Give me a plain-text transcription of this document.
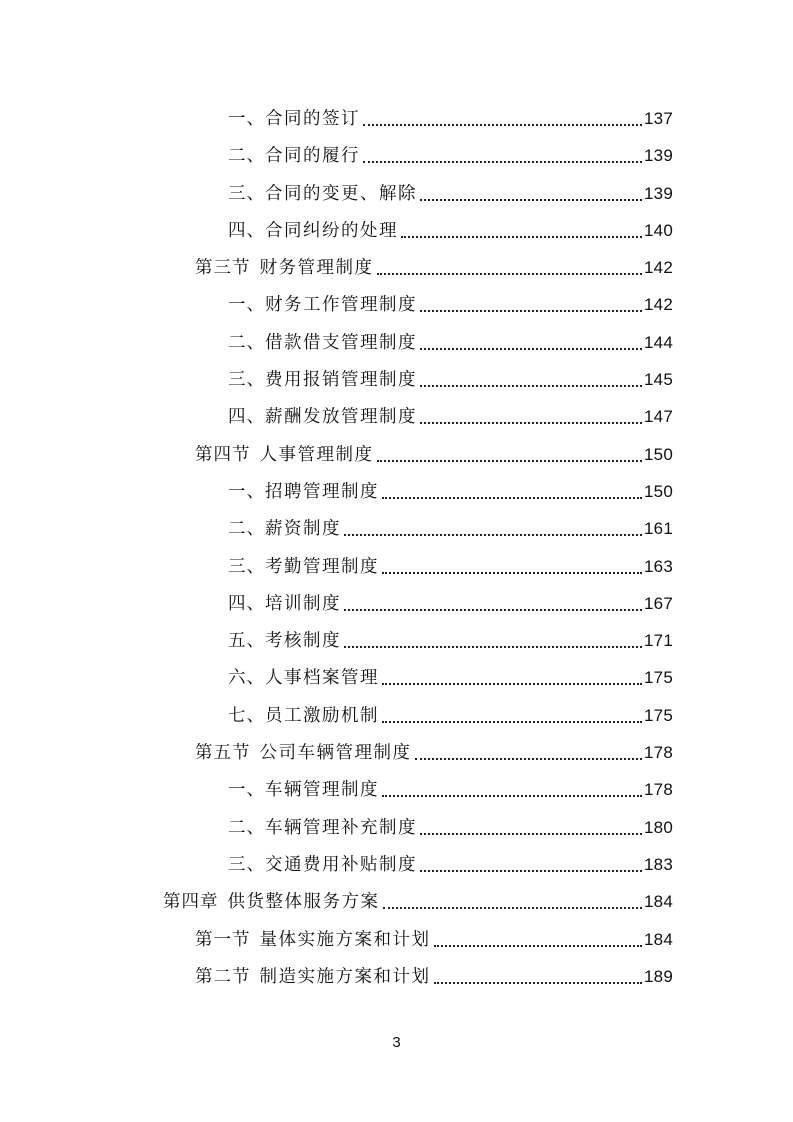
一、 合同的签订	137
二、 合同的履行	139
三、 合同的变更、解除	139
四、 合同纠纷的处理	140
第三节 财务管理制度	142
一、 财务工作管理制度	142
二、 借款借支管理制度	144
三、 费用报销管理制度	145
四、 薪酬发放管理制度	147
第四节 人事管理制度	150
一、 招聘管理制度	150
二、 薪资制度	161
三、 考勤管理制度	163
四、 培训制度	167
五、 考核制度	171
六、 人事档案管理	175
七、 员工激励机制	175
第五节 公司车辆管理制度	178
一、 车辆管理制度	178
二、 车辆管理补充制度	180
三、 交通费用补贴制度	183
第四章 供货整体服务方案	184
第一节 量体实施方案和计划	184
第二节 制造实施方案和计划	189
3
